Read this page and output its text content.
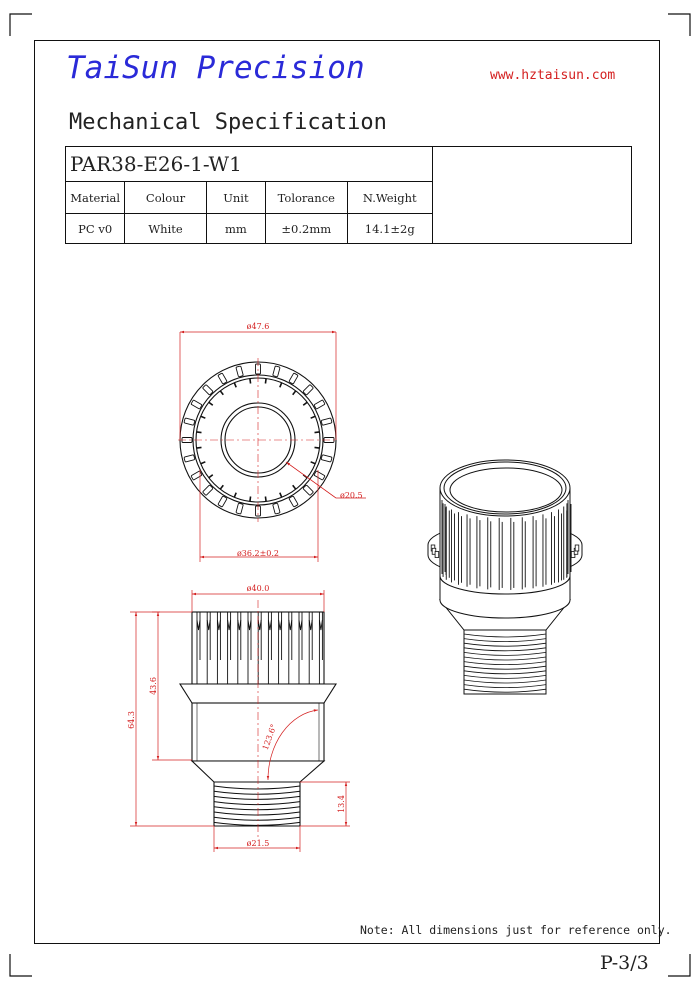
TaiSun Precision	www.hztaisun.com
Mechanical Specification
PAR38-E26-1-W1					
Material	Colour	Unit	Tolorance	N.Weight	
PC v0	White	mm	±0.2mm	14.1±2g	
ø47.6
ø20.5
ø36.2±0.2
ø40.0
43.6
64.3
123.6°
13.4
ø21.5
Note: All dimensions just for reference only.
P-3/3
